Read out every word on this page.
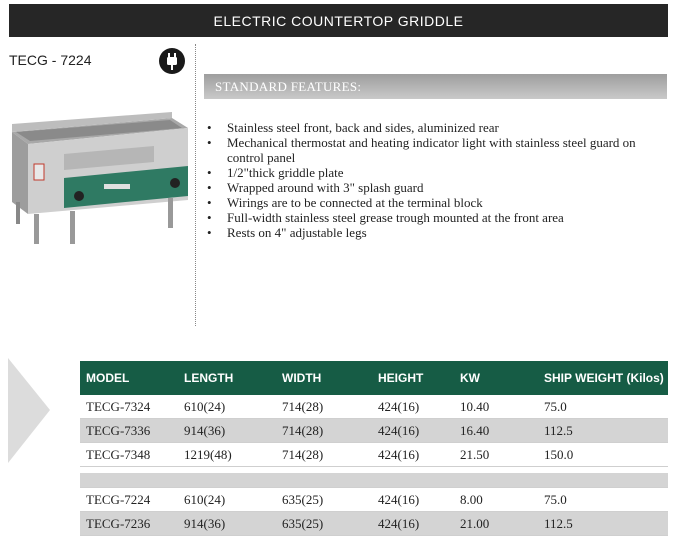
ELECTRIC COUNTERTOP GRIDDLE
TECG - 7224
STANDARD FEATURES:
• Stainless steel front, back and sides, aluminized rear
• Mechanical thermostat and heating indicator light with stainless steel guard on control panel
• 1/2"thick griddle plate
• Wrapped around with 3" splash guard
• Wirings are to be connected at the terminal block
• Full-width stainless steel grease trough mounted at the front area
• Rests on 4" adjustable legs
MODEL	LENGTH	WIDTH	HEIGHT	KW	SHIP WEIGHT (Kilos)
TECG-7324	610(24)	714(28)	424(16)	10.40	75.0
TECG-7336	914(36)	714(28)	424(16)	16.40	112.5
TECG-7348	1219(48)	714(28)	424(16)	21.50	150.0

TECG-7224	610(24)	635(25)	424(16)	8.00	75.0
TECG-7236	914(36)	635(25)	424(16)	21.00	112.5
